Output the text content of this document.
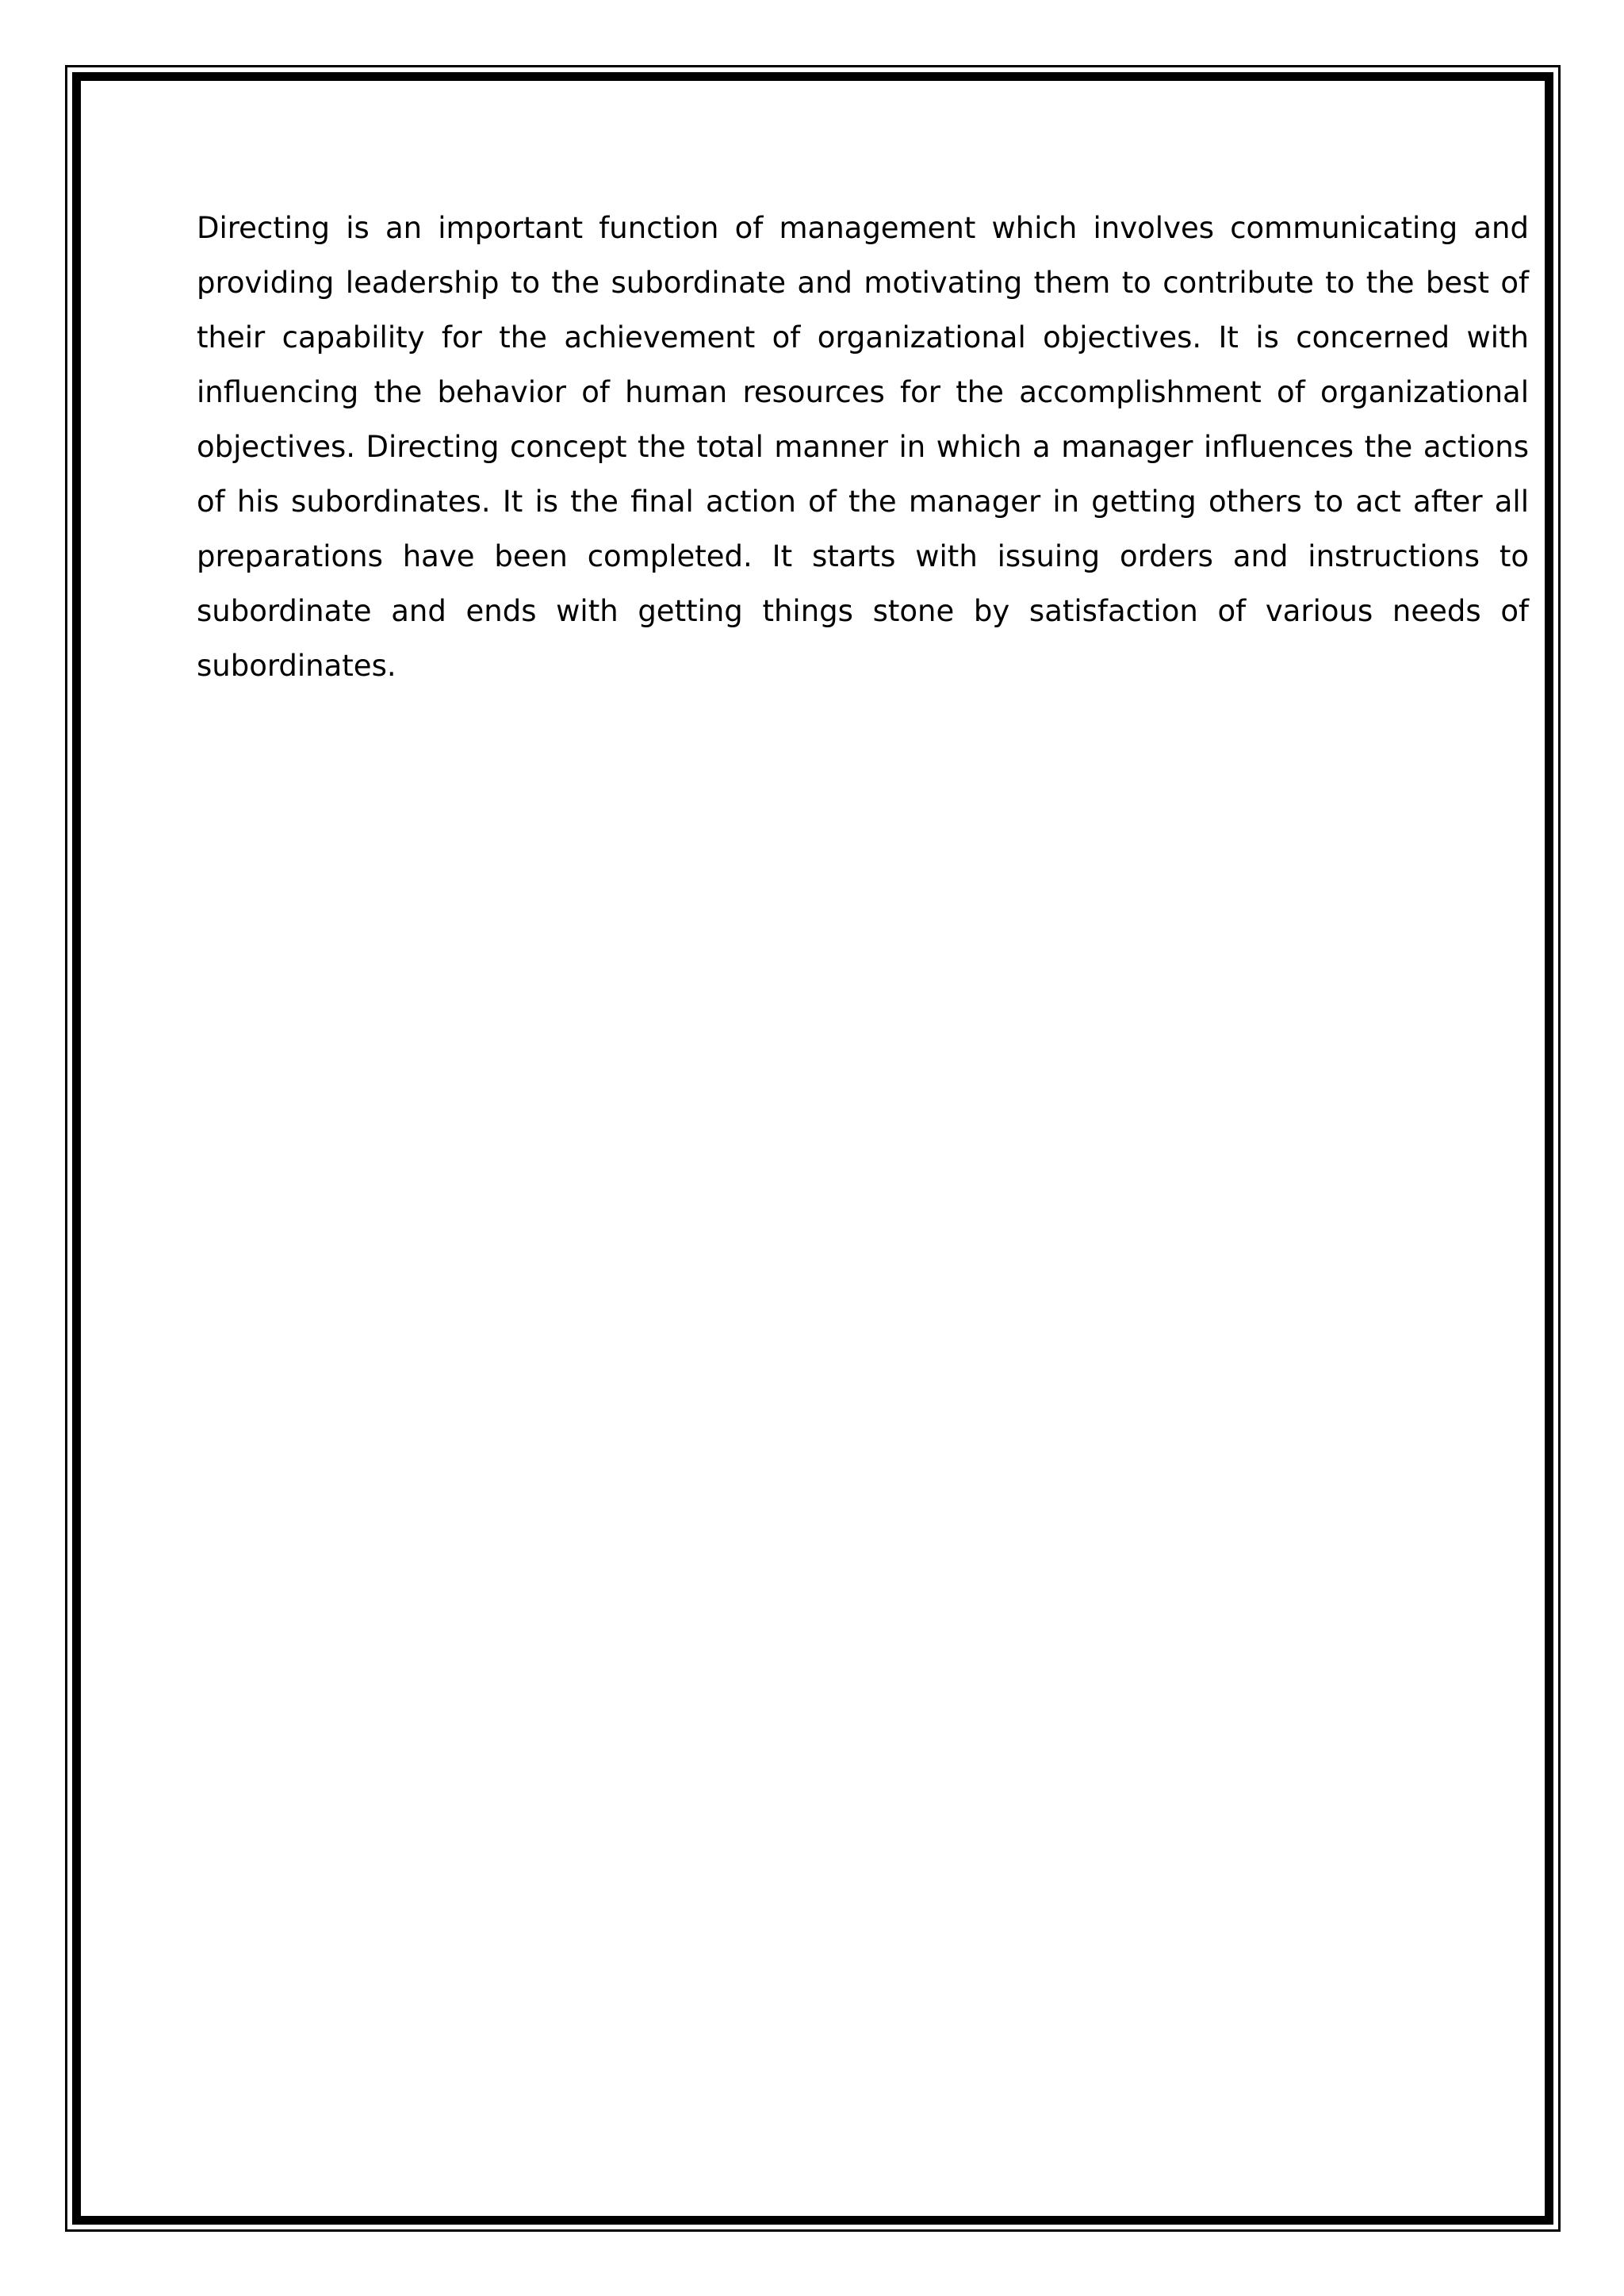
Directing is an important function of management which involves communicating and providing leadership to the subordinate and motivating them to contribute to the best of their capability for the achievement of organizational objectives. It is concerned with influencing the behavior of human resources for the accomplishment of organizational objectives. Directing concept the total manner in which a manager influences the actions of his subordinates. It is the final action of the manager in getting others to act after all preparations have been completed. It starts with issuing orders and instructions to subordinate and ends with getting things stone by satisfaction of various needs of subordinates.
